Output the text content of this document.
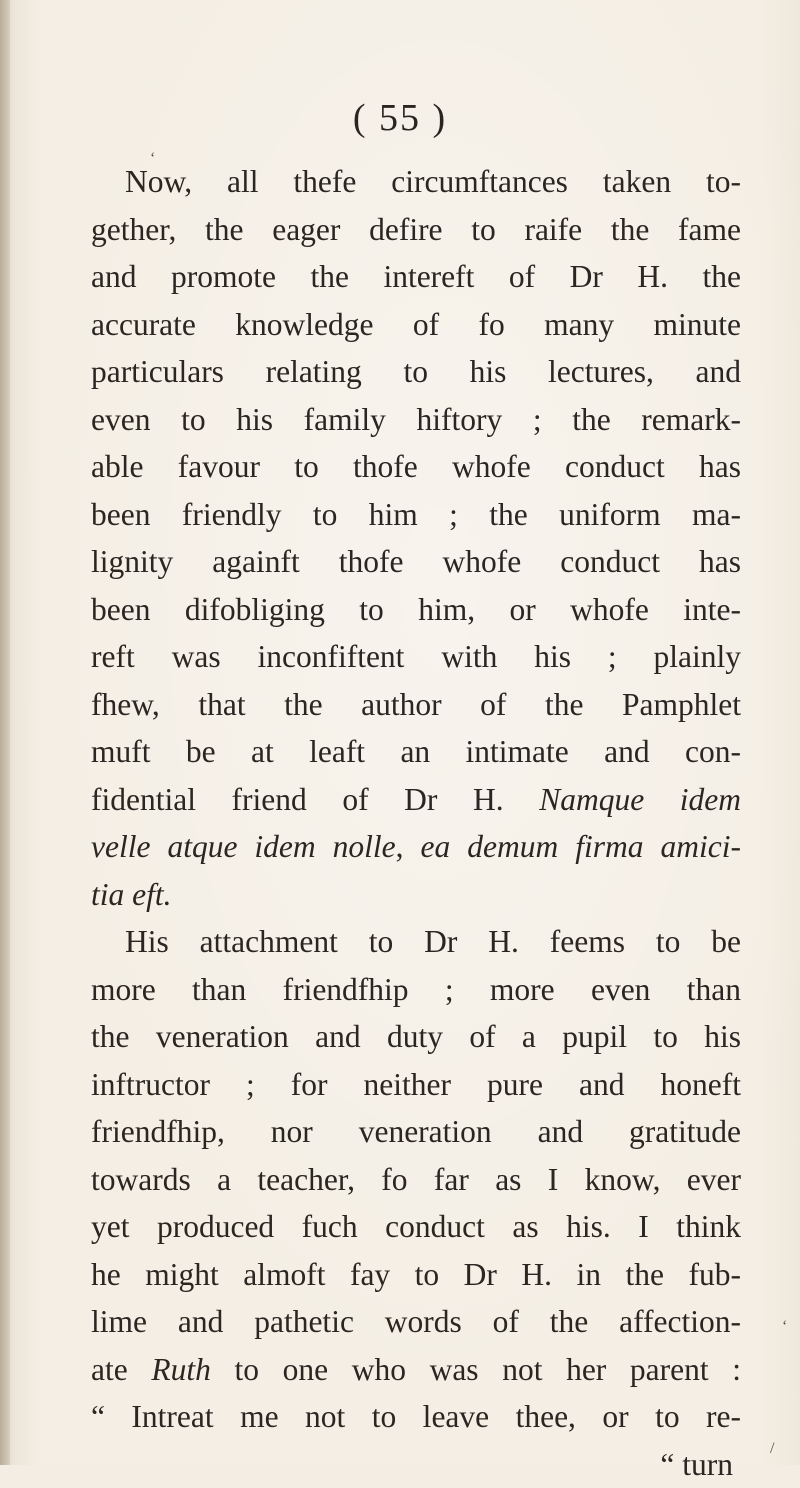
( 55 )
ʻ
Now, all thefe circumftances taken to-
gether, the eager defire to raife the fame
and promote the intereft of Dr H. the
accurate knowledge of fo many minute
particulars relating to his lectures, and
even to his family hiftory ; the remark-
able favour to thofe whofe conduct has
been friendly to him ; the uniform ma-
lignity againft thofe whofe conduct has
been difobliging to him, or whofe inte-
reft was inconfiftent with his ; plainly
fhew, that the author of the Pamphlet
muft be at leaft an intimate and con-
fidential friend of Dr H. Namque idem
velle atque idem nolle, ea demum firma amici-
tia eft.
His attachment to Dr H. feems to be
more than friendfhip ; more even than
the veneration and duty of a pupil to his
inftructor ; for neither pure and honeft
friendfhip, nor veneration and gratitude
towards a teacher, fo far as I know, ever
yet produced fuch conduct as his. I think
he might almoft fay to Dr H. in the fub-
lime and pathetic words of the affection-
ate Ruth to one who was not her parent :
“ Intreat me not to leave thee, or to re-
“ turn
ʻ
/
